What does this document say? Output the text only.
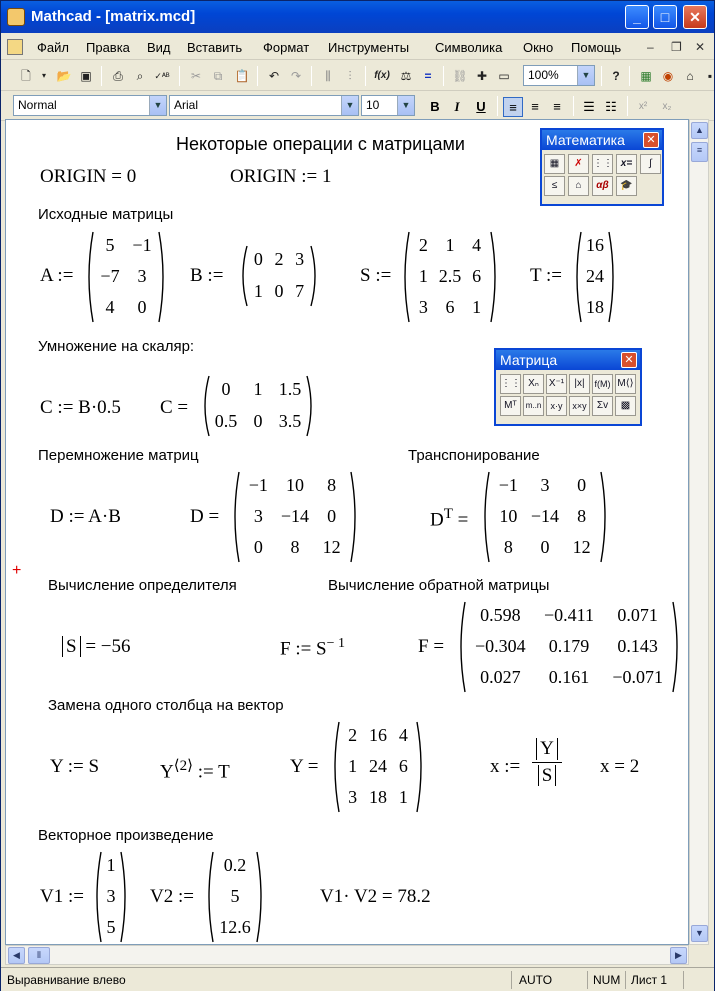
Mathcad - [matrix.mcd]	_	□	✕
Файл Правка Вид Вставить Формат Инструменты Символика Окно Помощь – ❐ ✕
🗋	▾ 📂 ▣	⎙	⌕	✓ᴬᴮ	✂	⧉	📋	↶ ↷	⫼	⫶	f(x) ⚖	=	⛓ ✚ ▭	100%	▼	?	▦ ◉	⌂	▪
Normal	▼ Arial	▼ 10	▼	B	I	U	≡	≡	≡	☰ ☷	x²	x₂
Некоторые операции с матрицами
ORIGIN = 0	ORIGIN := 1
Исходные матрицы
A :=
5 −1
−7 3
4	0
B :=
0 2 3
1 0 7
S :=
2 1 4
1 2.5 6
3 6 1
T :=
16
24
18
Умножение на скаляр:
C := B·0.5 C =
0	1 1.5
0.5 0 3.5
Перемножение матриц	Транспонирование
D := A·B	D =
−1	10	8
3	−14	0
0	8	12
$D^T$ =
−1	3	0
10 −14	8
8	0	12
+
Вычисление определителя	Вычисление обратной матрицы
S = −56	F := $S^{- 1}$	F =
0.598	−0.411	0.071
−0.304	0.179	0.143
0.027	0.161	−0.071
Замена одного столбца на вектор
Y := S	$Y^{⟨2⟩}$ := T	Y =
2 16 4
1 24 6
3 18 1
x :=
Y
S	x = 2
Векторное произведение
V1 :=
1
3
5
V2 :=
0.2
5
12.6
V1· V2 = 78.2
Математика	✕
▦	✗	⋮⋮ x=	∫
≤	⌂	αβ	🎓
Матрица	✕
⋮⋮ Xₙ	X⁻¹	|x|	f(M) M⟨⟩
Mᵀ	m..n	x·y	x×y	Σv	▩
▲
≡
▼
◀	⦀	▶
Выравнивание влево	AUTO	NUM Лист 1
